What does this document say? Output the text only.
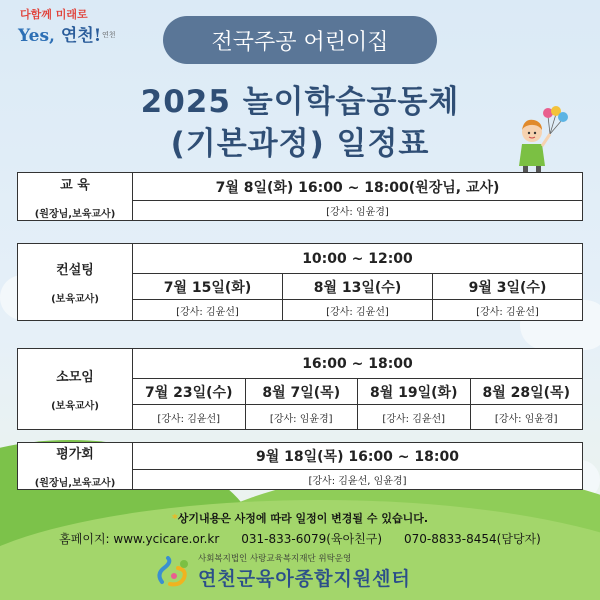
다함께 미래로
Yes, 연천! 연천	전국주공 어린이집
2025 놀이학습공동체
(기본과정) 일정표
교 육
(원장님,보육교사)
7월 8일(화) 16:00 ~ 18:00(원장님, 교사)
[강사: 임윤경]
컨설팅
(보육교사)
10:00 ~ 12:00
7월 15일(화)
[강사: 김윤선]
8월 13일(수)
[강사: 김윤선]
9월 3일(수)
[강사: 김윤선]
소모임
(보육교사)
16:00 ~ 18:00
7월 23일(수)
[강사: 김윤선]
8월 7일(목)
[강사: 임윤경]
8월 19일(화)
[강사: 김윤선]
8월 28일(목)
[강사: 임윤경]
평가회
(원장님,보육교사)
9월 18일(목) 16:00 ~ 18:00
[강사: 김윤선, 임윤경]
*상기내용은 사정에 따라 일정이 변경될 수 있습니다.
홈페이지: www.ycicare.or.kr 031-833-6079(육아친구) 070-8833-8454(담당자)
사회복지법인 사랑교육복지재단 위탁운영
연천군육아종합지원센터
